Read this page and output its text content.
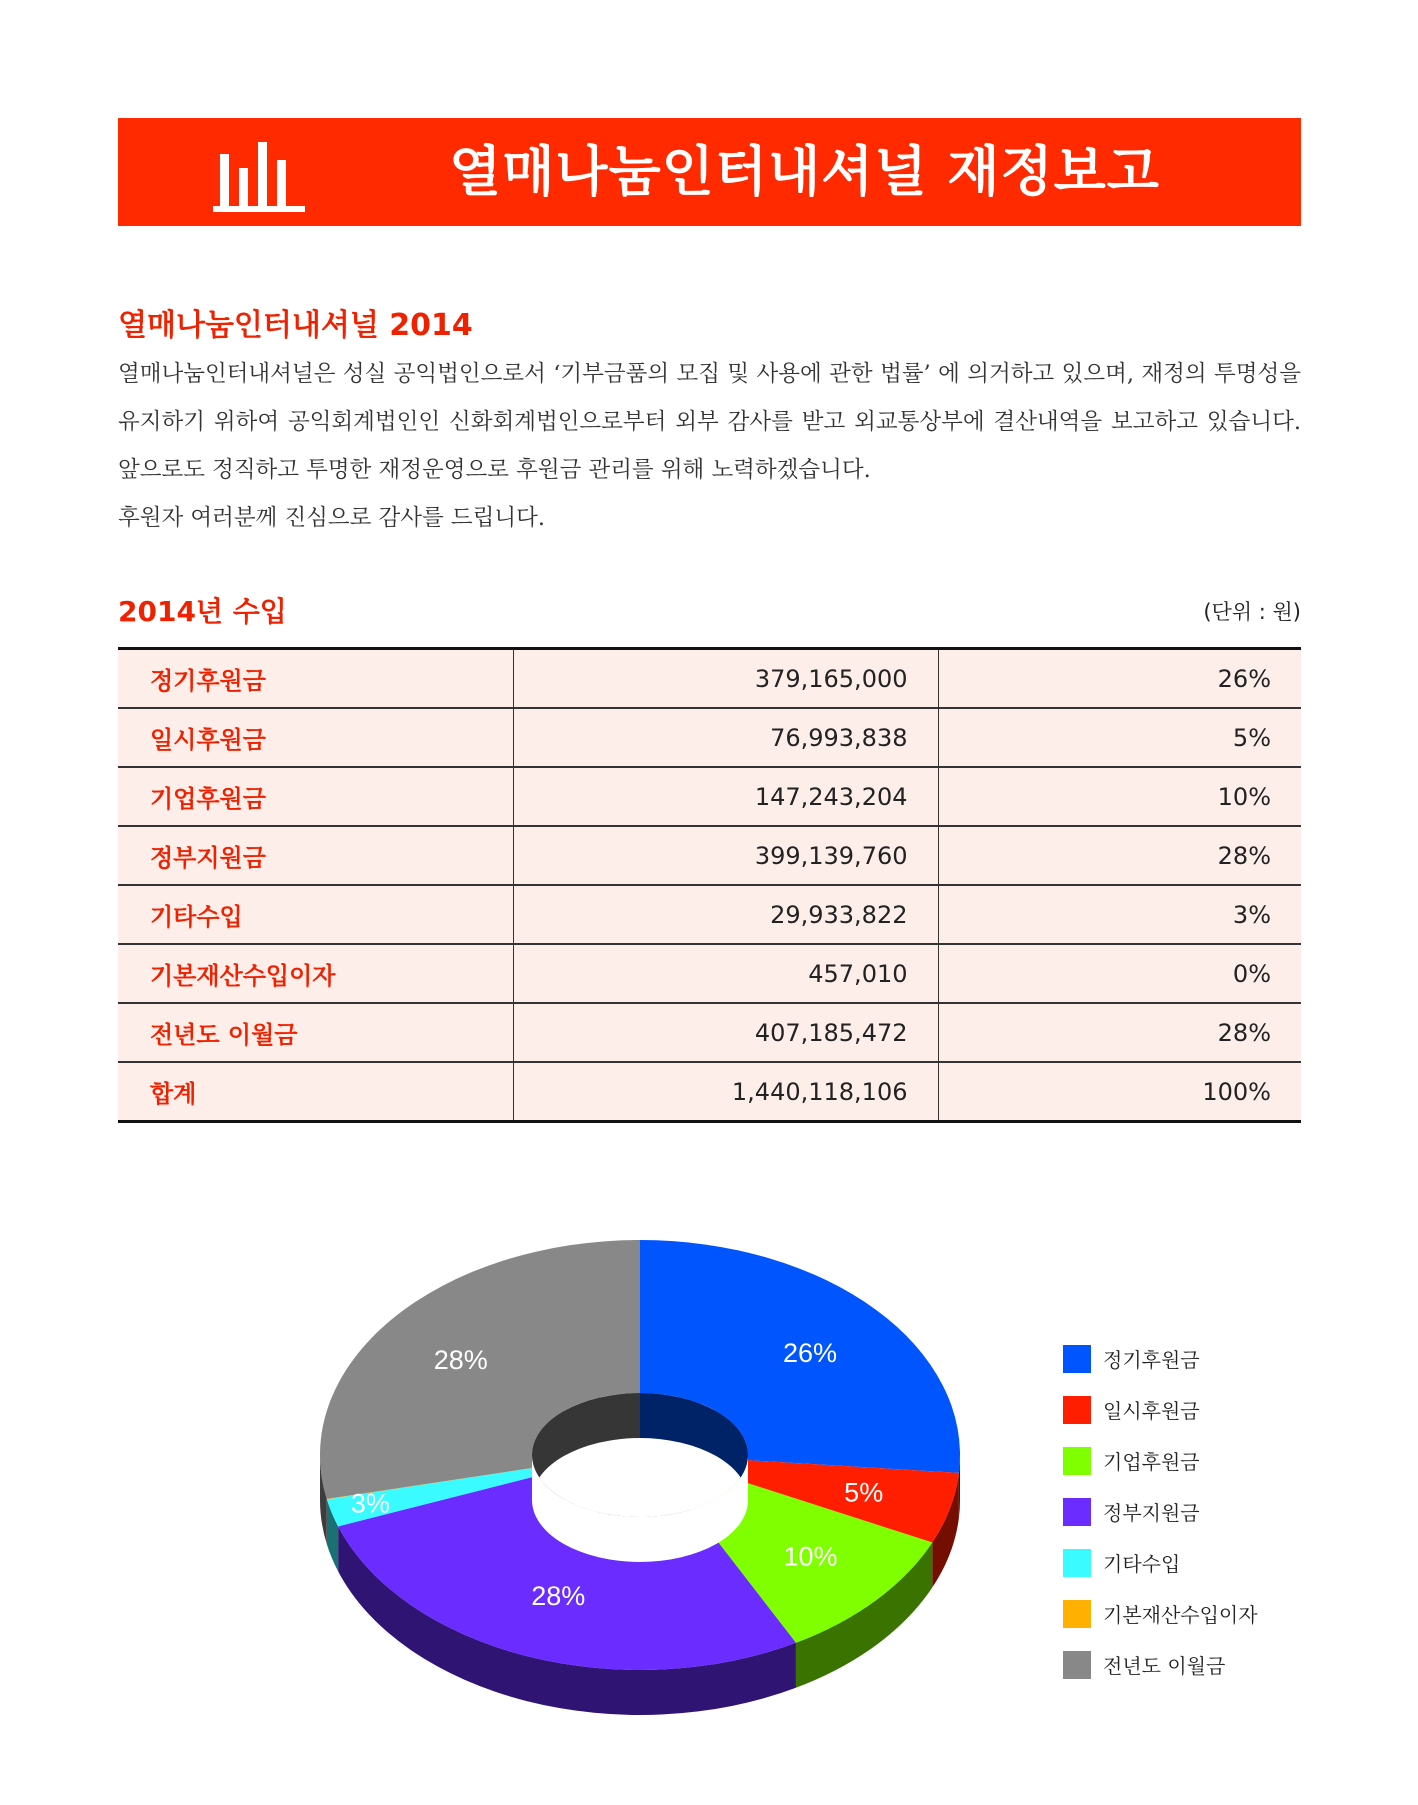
열매나눔인터내셔널 재정보고
열매나눔인터내셔널 2014

열매나눔인터내셔널은 성실 공익법인으로서 ‘기부금품의 모집 및 사용에 관한 법률’ 에 의거하고 있으며, 재정의 투명성을 유지하기 위하여 공익회계법인인 신화회계법인으로부터 외부 감사를 받고 외교통상부에 결산내역을 보고하고 있습니다. 앞으로도 정직하고 투명한 재정운영으로 후원금 관리를 위해 노력하겠습니다.

후원자 여러분께 진심으로 감사를 드립니다.

2014년 수입	(단위 : 원)
정기후원금	379,165,000	26%
일시후원금	76,993,838	5%
기업후원금	147,243,204	10%
정부지원금	399,139,760	28%
기타수입	29,933,822	3%
기본재산수입이자	457,010	0%
전년도 이월금	407,185,472	28%
합계	1,440,118,106	100%
26%
5%
10%
28%
3%
28%	정기후원금
일시후원금
기업후원금
정부지원금
기타수입
기본재산수입이자
전년도 이월금
